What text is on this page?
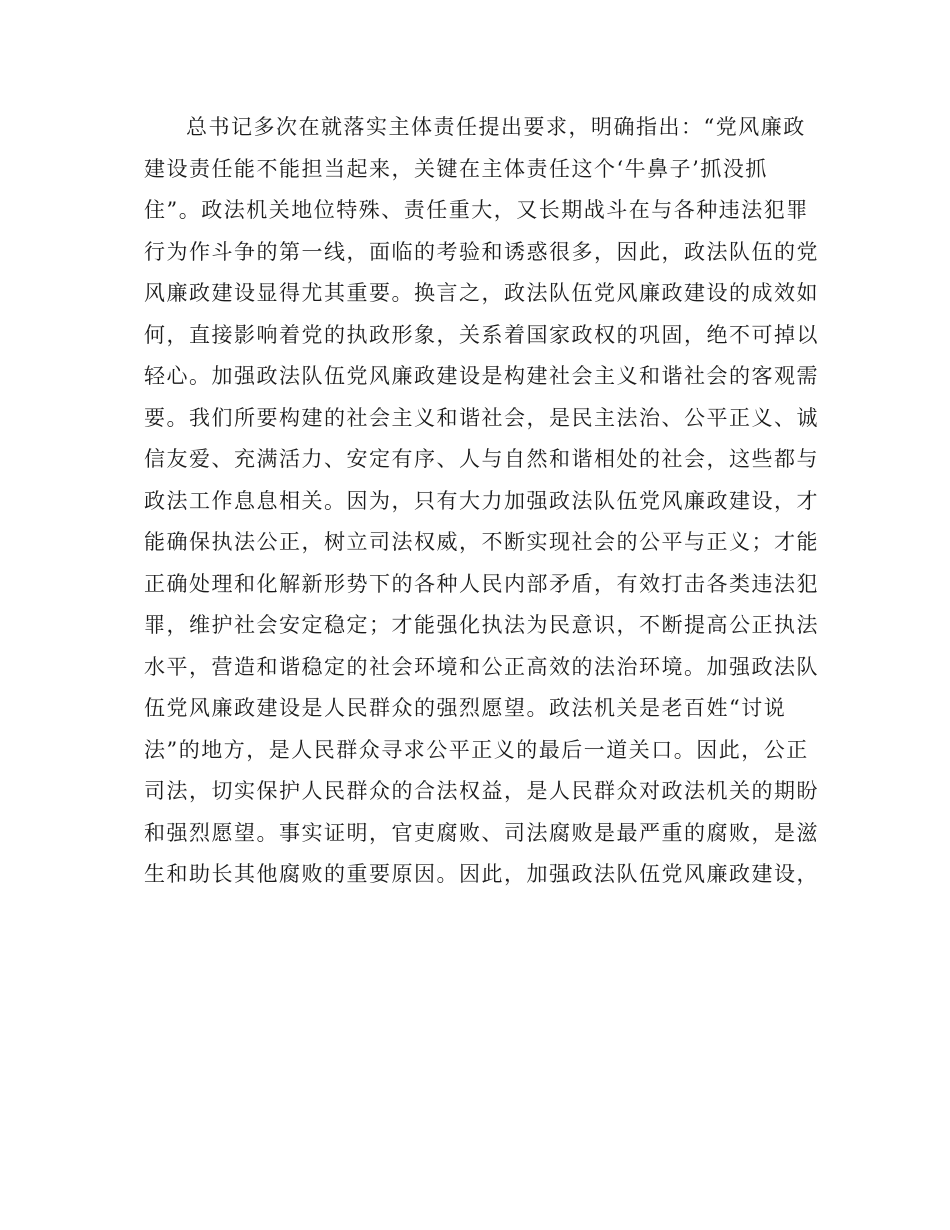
总书记多次在就落实主体责任提出要求，明确指出：“党风廉政
建设责任能不能担当起来，关键在主体责任这个‘牛鼻子’抓没抓
住”。政法机关地位特殊、责任重大，又长期战斗在与各种违法犯罪
行为作斗争的第一线，面临的考验和诱惑很多，因此，政法队伍的党
风廉政建设显得尤其重要。换言之，政法队伍党风廉政建设的成效如
何，直接影响着党的执政形象，关系着国家政权的巩固，绝不可掉以
轻心。加强政法队伍党风廉政建设是构建社会主义和谐社会的客观需
要。我们所要构建的社会主义和谐社会，是民主法治、公平正义、诚
信友爱、充满活力、安定有序、人与自然和谐相处的社会，这些都与
政法工作息息相关。因为，只有大力加强政法队伍党风廉政建设，才
能确保执法公正，树立司法权威，不断实现社会的公平与正义；才能
正确处理和化解新形势下的各种人民内部矛盾，有效打击各类违法犯
罪，维护社会安定稳定；才能强化执法为民意识，不断提高公正执法
水平，营造和谐稳定的社会环境和公正高效的法治环境。加强政法队
伍党风廉政建设是人民群众的强烈愿望。政法机关是老百姓“讨说
法”的地方，是人民群众寻求公平正义的最后一道关口。因此，公正
司法，切实保护人民群众的合法权益，是人民群众对政法机关的期盼
和强烈愿望。事实证明，官吏腐败、司法腐败是最严重的腐败，是滋
生和助长其他腐败的重要原因。因此，加强政法队伍党风廉政建设，
